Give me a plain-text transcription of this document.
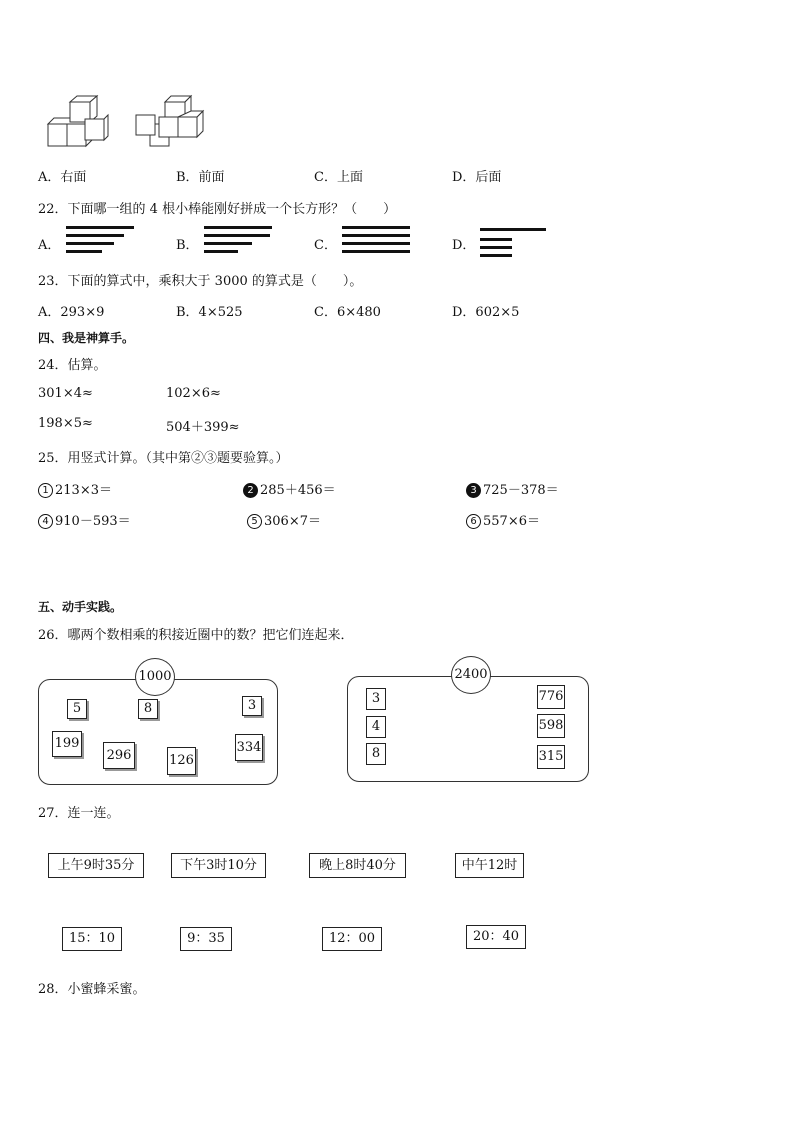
A．右面	B．前面	C．上面	D．后面
22．下面哪一组的 4 根小棒能刚好拼成一个长方形？（　　）
A．	B．	C．	D．
23．下面的算式中，乘积大于 3000 的算式是（　　）。
A．293×9	B．4×525	C．6×480	D．602×5
四、我是神算手。
24．估算。
301×4≈	102×6≈
198×5≈	504＋399≈
25．用竖式计算。（其中第②③题要验算。）
1 213×3＝	2 285＋456＝	3 725－378＝
4 910－593＝	5 306×7＝	6 557×6＝
五、动手实践。
26．哪两个数相乘的积接近圈中的数？把它们连起来．
1000
5	8	3
199
296	126
334
2400
3
4
8
776
598
315
27．连一连。
上午9时35分	下午3时10分	晚上8时40分	中午12时
15：10	9：35	12：00	20：40
28．小蜜蜂采蜜。
